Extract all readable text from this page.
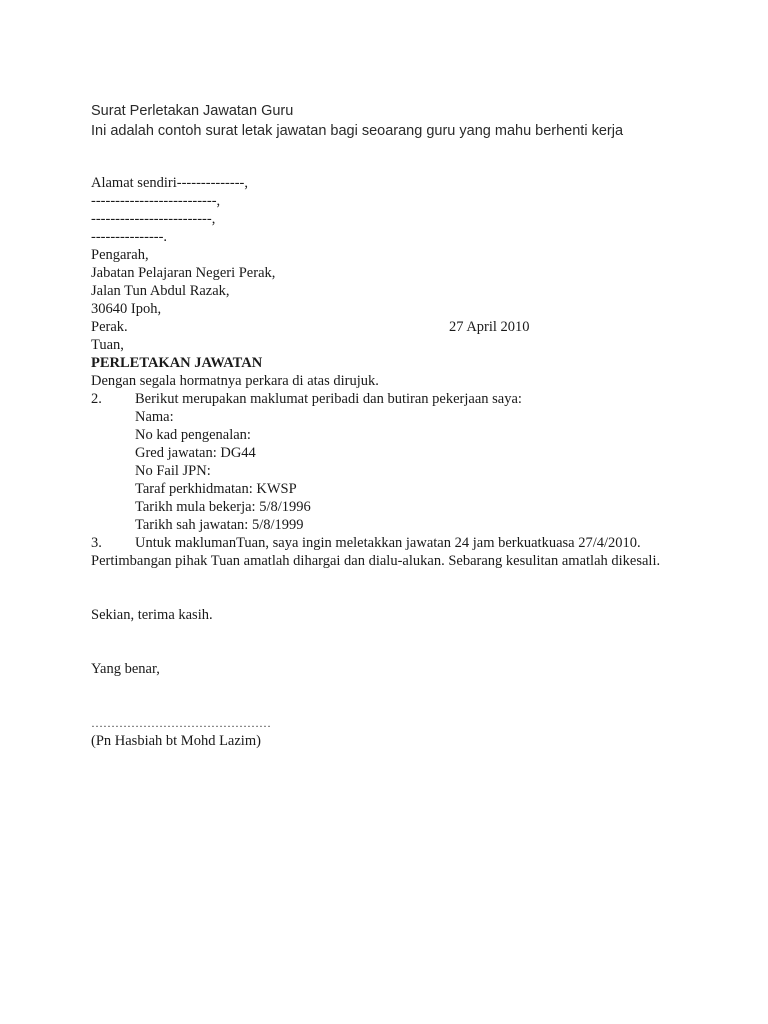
Surat Perletakan Jawatan Guru
Ini adalah contoh surat letak jawatan bagi seoarang guru yang mahu berhenti kerja
Alamat sendiri--------------,
--------------------------,
-------------------------,
---------------.
Pengarah,
Jabatan Pelajaran Negeri Perak,
Jalan Tun Abdul Razak,
30640 Ipoh,
Perak.	27 April 2010
Tuan,
PERLETAKAN JAWATAN
Dengan segala hormatnya perkara di atas dirujuk.
2. Berikut merupakan maklumat peribadi dan butiran pekerjaan saya:
Nama:
No kad pengenalan:
Gred jawatan: DG44
No Fail JPN:
Taraf perkhidmatan: KWSP
Tarikh mula bekerja: 5/8/1996
Tarikh sah jawatan: 5/8/1999
3. Untuk maklumanTuan, saya ingin meletakkan jawatan 24 jam berkuatkuasa 27/4/2010.
Pertimbangan pihak Tuan amatlah dihargai dan dialu-alukan. Sebarang kesulitan amatlah dikesali.
Sekian, terima kasih.
Yang benar,
………………………………………
(Pn Hasbiah bt Mohd Lazim)
